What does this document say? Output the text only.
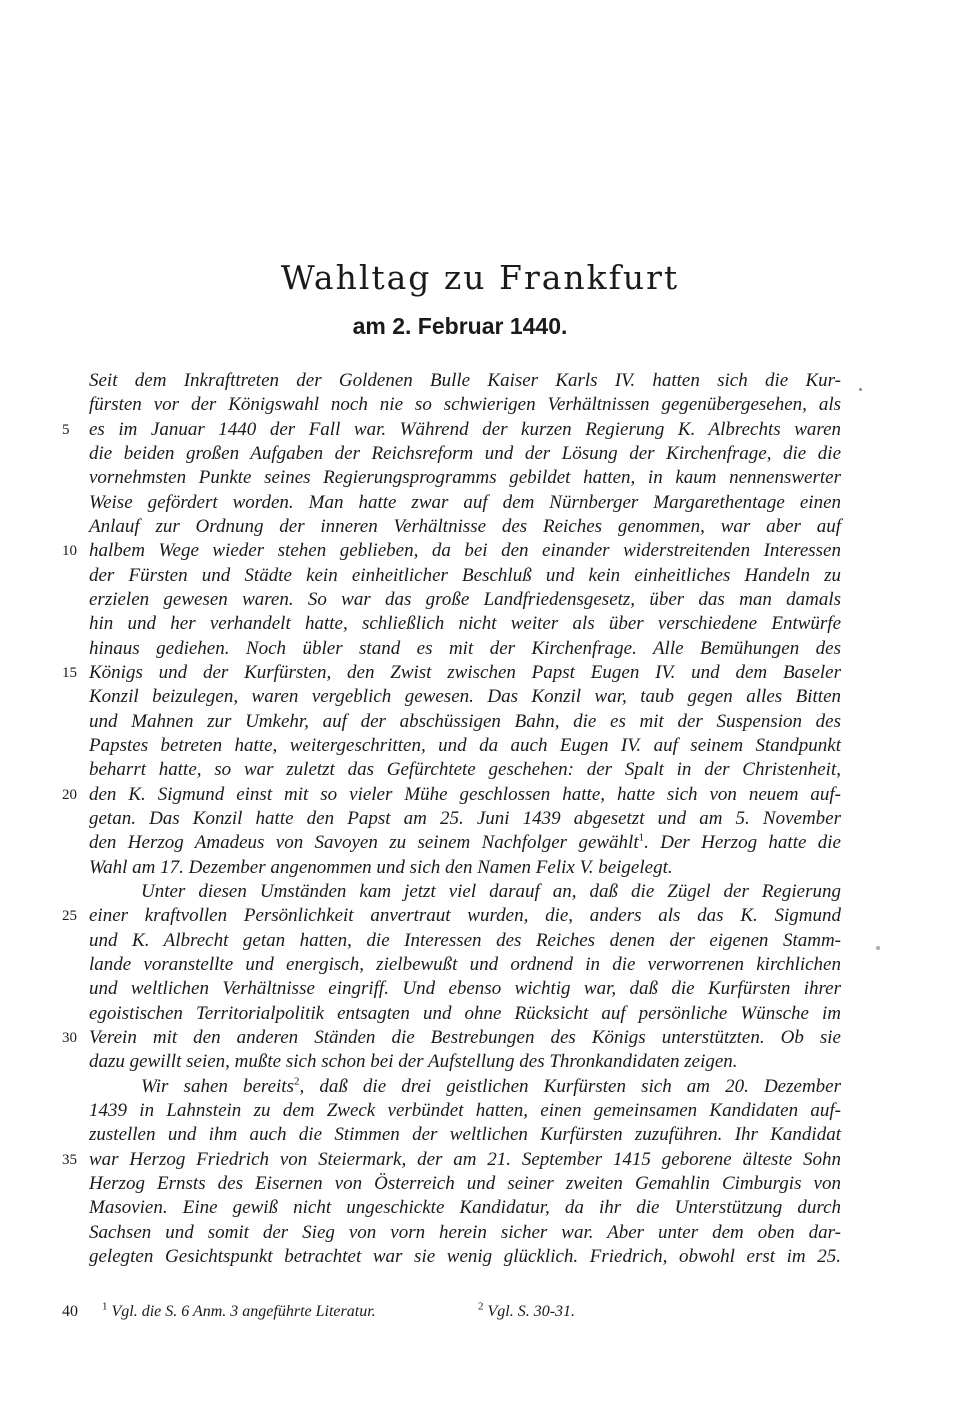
Wahltag zu Frankfurt
am 2. Februar 1440.
Seit dem Inkrafttreten der Goldenen Bulle Kaiser Karls IV. hatten sich die Kur-
fürsten vor der Königswahl noch nie so schwierigen Verhältnissen gegenübergesehen, als
es im Januar 1440 der Fall war. Während der kurzen Regierung K. Albrechts waren
5
die beiden großen Aufgaben der Reichsreform und der Lösung der Kirchenfrage, die die
vornehmsten Punkte seines Regierungsprogramms gebildet hatten, in kaum nennenswerter
Weise gefördert worden. Man hatte zwar auf dem Nürnberger Margarethentage einen
Anlauf zur Ordnung der inneren Verhältnisse des Reiches genommen, war aber auf
halbem Wege wieder stehen geblieben, da bei den einander widerstreitenden Interessen
10
der Fürsten und Städte kein einheitlicher Beschluß und kein einheitliches Handeln zu
erzielen gewesen waren. So war das große Landfriedensgesetz, über das man damals
hin und her verhandelt hatte, schließlich nicht weiter als über verschiedene Entwürfe
hinaus gediehen. Noch übler stand es mit der Kirchenfrage. Alle Bemühungen des
Königs und der Kurfürsten, den Zwist zwischen Papst Eugen IV. und dem Baseler
15
Konzil beizulegen, waren vergeblich gewesen. Das Konzil war, taub gegen alles Bitten
und Mahnen zur Umkehr, auf der abschüssigen Bahn, die es mit der Suspension des
Papstes betreten hatte, weitergeschritten, und da auch Eugen IV. auf seinem Standpunkt
beharrt hatte, so war zuletzt das Gefürchtete geschehen: der Spalt in der Christenheit,
den K. Sigmund einst mit so vieler Mühe geschlossen hatte, hatte sich von neuem auf-
20
getan. Das Konzil hatte den Papst am 25. Juni 1439 abgesetzt und am 5. November
den Herzog Amadeus von Savoyen zu seinem Nachfolger gewählt$^1$. Der Herzog hatte die
Wahl am 17. Dezember angenommen und sich den Namen Felix V. beigelegt.
Unter diesen Umständen kam jetzt viel darauf an, daß die Zügel der Regierung
einer kraftvollen Persönlichkeit anvertraut wurden, die, anders als das K. Sigmund
25
und K. Albrecht getan hatten, die Interessen des Reiches denen der eigenen Stamm-
lande voranstellte und energisch, zielbewußt und ordnend in die verworrenen kirchlichen
und weltlichen Verhältnisse eingriff. Und ebenso wichtig war, daß die Kurfürsten ihrer
egoistischen Territorialpolitik entsagten und ohne Rücksicht auf persönliche Wünsche im
Verein mit den anderen Ständen die Bestrebungen des Königs unterstützten. Ob sie
30
dazu gewillt seien, mußte sich schon bei der Aufstellung des Thronkandidaten zeigen.
Wir sahen bereits$^2$, daß die drei geistlichen Kurfürsten sich am 20. Dezember
1439 in Lahnstein zu dem Zweck verbündet hatten, einen gemeinsamen Kandidaten auf-
zustellen und ihm auch die Stimmen der weltlichen Kurfürsten zuzuführen. Ihr Kandidat
war Herzog Friedrich von Steiermark, der am 21. September 1415 geborene älteste Sohn
35
Herzog Ernsts des Eisernen von Österreich und seiner zweiten Gemahlin Cimburgis von
Masovien. Eine gewiß nicht ungeschickte Kandidatur, da ihr die Unterstützung durch
Sachsen und somit der Sieg von vorn herein sicher war. Aber unter dem oben dar-
gelegten Gesichtspunkt betrachtet war sie wenig glücklich. Friedrich, obwohl erst im 25.
40 $^1$ Vgl. die S. 6 Anm. 3 angeführte Literatur.	$^2$ Vgl. S. 30-31.
